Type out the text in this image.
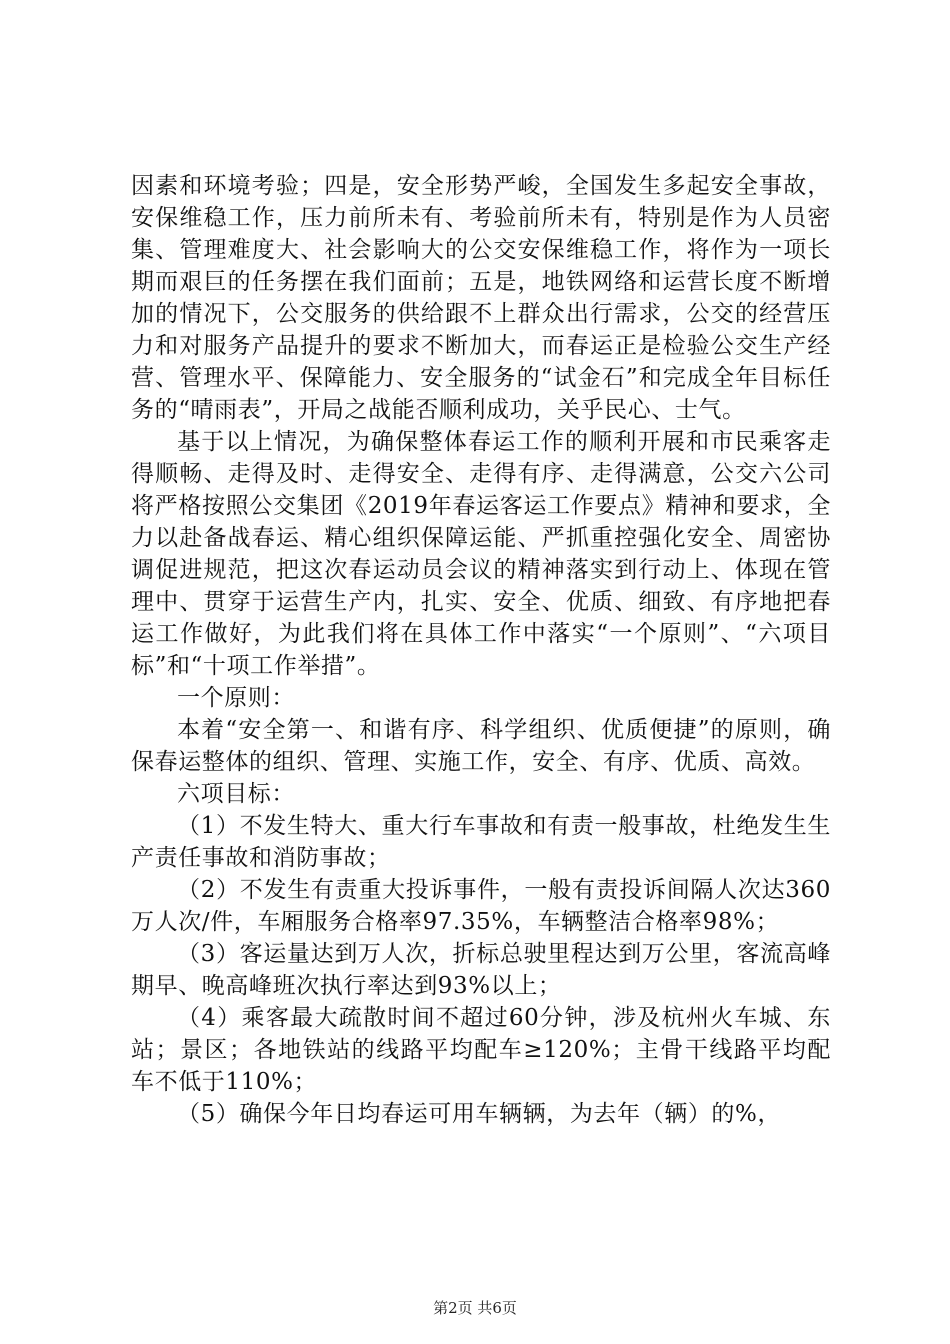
因素和环境考验；四是，安全形势严峻，全国发生多起安全事故，安保维稳工作，压力前所未有、考验前所未有，特别是作为人员密集、管理难度大、社会影响大的公交安保维稳工作，将作为一项长期而艰巨的任务摆在我们面前；五是，地铁网络和运营长度不断增加的情况下，公交服务的供给跟不上群众出行需求，公交的经营压力和对服务产品提升的要求不断加大，而春运正是检验公交生产经营、管理水平、保障能力、安全服务的“试金石”和完成全年目标任务的“晴雨表”，开局之战能否顺利成功，关乎民心、士气。

基于以上情况，为确保整体春运工作的顺利开展和市民乘客走得顺畅、走得及时、走得安全、走得有序、走得满意，公交六公司将严格按照公交集团《2019年春运客运工作要点》精神和要求，全力以赴备战春运、精心组织保障运能、严抓重控强化安全、周密协调促进规范，把这次春运动员会议的精神落实到行动上、体现在管理中、贯穿于运营生产内，扎实、安全、优质、细致、有序地把春运工作做好，为此我们将在具体工作中落实“一个原则”、“六项目标”和“十项工作举措”。

一个原则：

本着“安全第一、和谐有序、科学组织、优质便捷”的原则，确保春运整体的组织、管理、实施工作，安全、有序、优质、高效。

六项目标：

（1）不发生特大、重大行车事故和有责一般事故，杜绝发生生产责任事故和消防事故；

（2）不发生有责重大投诉事件，一般有责投诉间隔人次达360万人次/件，车厢服务合格率97.35%，车辆整洁合格率98%；

（3）客运量达到万人次，折标总驶里程达到万公里，客流高峰期早、晚高峰班次执行率达到93%以上；

（4）乘客最大疏散时间不超过60分钟，涉及杭州火车城、东站；景区；各地铁站的线路平均配车≥120%；主骨干线路平均配车不低于110%；

（5）确保今年日均春运可用车辆辆，为去年（辆）的%，

第2页 共6页
